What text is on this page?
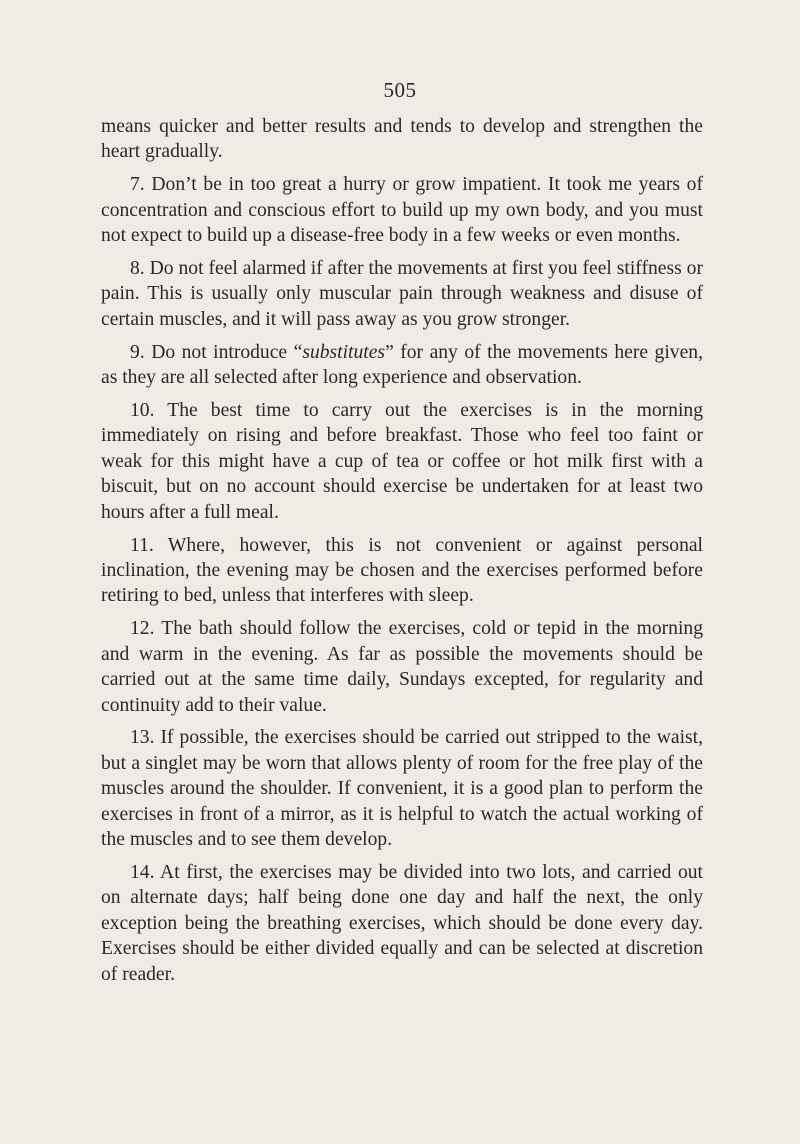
505

means quicker and better results and tends to develop and strengthen the heart gradually.

7. Don’t be in too great a hurry or grow impatient. It took me years of concentration and conscious effort to build up my own body, and you must not expect to build up a disease-free body in a few weeks or even months.

8. Do not feel alarmed if after the movements at first you feel stiffness or pain. This is usually only muscular pain through weakness and disuse of certain muscles, and it will pass away as you grow stronger.

9. Do not introduce “substitutes” for any of the movements here given, as they are all selected after long experience and observation.

10. The best time to carry out the exercises is in the morning immediately on rising and before breakfast. Those who feel too faint or weak for this might have a cup of tea or coffee or hot milk first with a biscuit, but on no account should exercise be undertaken for at least two hours after a full meal.

11. Where, however, this is not convenient or against personal inclination, the evening may be chosen and the exercises performed before retiring to bed, unless that interferes with sleep.

12. The bath should follow the exercises, cold or tepid in the morning and warm in the evening. As far as possible the movements should be carried out at the same time daily, Sundays excepted, for regularity and continuity add to their value.

13. If possible, the exercises should be carried out stripped to the waist, but a singlet may be worn that allows plenty of room for the free play of the muscles around the shoulder. If convenient, it is a good plan to perform the exercises in front of a mirror, as it is helpful to watch the actual working of the muscles and to see them develop.

14. At first, the exercises may be divided into two lots, and carried out on alternate days; half being done one day and half the next, the only exception being the breathing exercises, which should be done every day. Exercises should be either divided equally and can be selected at discretion of reader.
